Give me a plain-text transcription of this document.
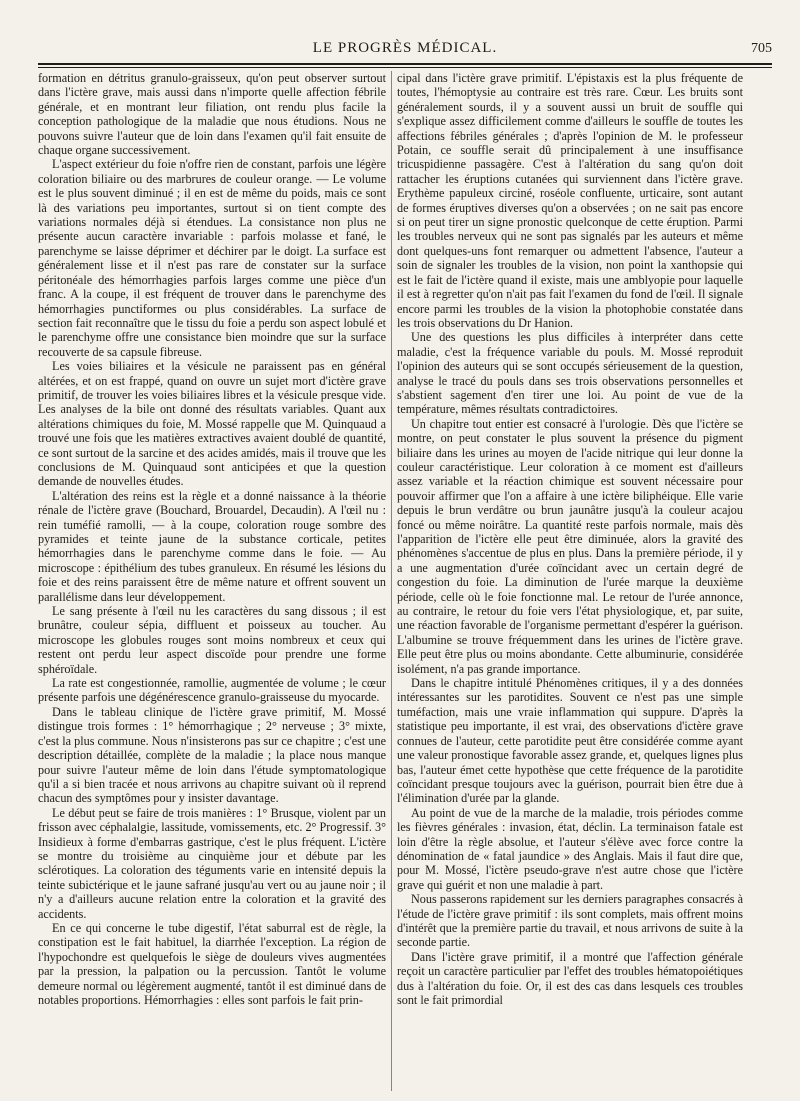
LE PROGRÈS MÉDICAL.	705

formation en détritus granulo-graisseux, qu'on peut observer surtout dans l'ictère grave, mais aussi dans n'importe quelle affection fébrile générale, et en montrant leur filiation, ont rendu plus facile la conception pathologique de la maladie que nous étudions. Nous ne pouvons suivre l'auteur que de loin dans l'examen qu'il fait ensuite de chaque organe successivement.

L'aspect extérieur du foie n'offre rien de constant, parfois une légère coloration biliaire ou des marbrures de couleur orange. — Le volume est le plus souvent diminué ; il en est de même du poids, mais ce sont là des variations peu importantes, surtout si on tient compte des variations normales déjà si étendues. La consistance non plus ne présente aucun caractère invariable : parfois molasse et fané, le parenchyme se laisse déprimer et déchirer par le doigt. La surface est généralement lisse et il n'est pas rare de constater sur la surface péritonéale des hémorrhagies parfois larges comme une pièce d'un franc. A la coupe, il est fréquent de trouver dans le parenchyme des hémorrhagies punctiformes ou plus considérables. La surface de section fait reconnaître que le tissu du foie a perdu son aspect lobulé et le parenchyme offre une consistance bien moindre que sur la surface recouverte de sa capsule fibreuse.

Les voies biliaires et la vésicule ne paraissent pas en général altérées, et on est frappé, quand on ouvre un sujet mort d'ictère grave primitif, de trouver les voies biliaires libres et la vésicule presque vide. Les analyses de la bile ont donné des résultats variables. Quant aux altérations chimiques du foie, M. Mossé rappelle que M. Quinquaud a trouvé une fois que les matières extractives avaient doublé de quantité, ce sont surtout de la sarcine et des acides amidés, mais il trouve que les conclusions de M. Quinquaud sont anticipées et que la question demande de nouvelles études.

L'altération des reins est la règle et a donné naissance à la théorie rénale de l'ictère grave (Bouchard, Brouardel, Decaudin). A l'œil nu : rein tuméfié ramolli, — à la coupe, coloration rouge sombre des pyramides et teinte jaune de la substance corticale, petites hémorrhagies dans le parenchyme comme dans le foie. — Au microscope : épithélium des tubes granuleux. En résumé les lésions du foie et des reins paraissent être de même nature et offrent souvent un parallélisme dans leur développement.

Le sang présente à l'œil nu les caractères du sang dissous ; il est brunâtre, couleur sépia, diffluent et poisseux au toucher. Au microscope les globules rouges sont moins nombreux et ceux qui restent ont perdu leur aspect discoïde pour prendre une forme sphéroïdale.

La rate est congestionnée, ramollie, augmentée de volume ; le cœur présente parfois une dégénérescence granulo-graisseuse du myocarde.

Dans le tableau clinique de l'ictère grave primitif, M. Mossé distingue trois formes : 1° hémorrhagique ; 2° nerveuse ; 3° mixte, c'est la plus commune. Nous n'insisterons pas sur ce chapitre ; c'est une description détaillée, complète de la maladie ; la place nous manque pour suivre l'auteur même de loin dans l'étude symptomatologique qu'il a si bien tracée et nous arrivons au chapitre suivant où il reprend chacun des symptômes pour y insister davantage.

Le début peut se faire de trois manières : 1° Brusque, violent par un frisson avec céphalalgie, lassitude, vomissements, etc. 2° Progressif. 3° Insidieux à forme d'embarras gastrique, c'est le plus fréquent. L'ictère se montre du troisième au cinquième jour et débute par les sclérotiques. La coloration des téguments varie en intensité depuis la teinte subictérique et le jaune safrané jusqu'au vert ou au jaune noir ; il n'y a d'ailleurs aucune relation entre la coloration et la gravité des accidents.

En ce qui concerne le tube digestif, l'état saburral est de règle, la constipation est le fait habituel, la diarrhée l'exception. La région de l'hypochondre est quelquefois le siège de douleurs vives augmentées par la pression, la palpation ou la percussion. Tantôt le volume demeure normal ou légèrement augmenté, tantôt il est diminué dans de notables proportions. Hémorrhagies : elles sont parfois le fait prin-

cipal dans l'ictère grave primitif. L'épistaxis est la plus fréquente de toutes, l'hémoptysie au contraire est très rare. Cœur. Les bruits sont généralement sourds, il y a souvent aussi un bruit de souffle qui s'explique assez difficilement comme d'ailleurs le souffle de toutes les affections fébriles générales ; d'après l'opinion de M. le professeur Potain, ce souffle serait dû principalement à une insuffisance tricuspidienne passagère. C'est à l'altération du sang qu'on doit rattacher les éruptions cutanées qui surviennent dans l'ictère grave. Erythème papuleux circiné, roséole confluente, urticaire, sont autant de formes éruptives diverses qu'on a observées ; on ne sait pas encore si on peut tirer un signe pronostic quelconque de cette éruption. Parmi les troubles nerveux qui ne sont pas signalés par les auteurs et même dont quelques-uns font remarquer ou admettent l'absence, l'auteur a soin de signaler les troubles de la vision, non point la xanthopsie qui est le fait de l'ictère quand il existe, mais une amblyopie pour laquelle il est à regretter qu'on n'ait pas fait l'examen du fond de l'œil. Il signale encore parmi les troubles de la vision la photophobie constatée dans les trois observations du Dr Hanion.

Une des questions les plus difficiles à interpréter dans cette maladie, c'est la fréquence variable du pouls. M. Mossé reproduit l'opinion des auteurs qui se sont occupés sérieusement de la question, analyse le tracé du pouls dans ses trois observations personnelles et s'abstient sagement d'en tirer une loi. Au point de vue de la température, mêmes résultats contradictoires.

Un chapitre tout entier est consacré à l'urologie. Dès que l'ictère se montre, on peut constater le plus souvent la présence du pigment biliaire dans les urines au moyen de l'acide nitrique qui leur donne la couleur caractéristique. Leur coloration à ce moment est d'ailleurs assez variable et la réaction chimique est souvent nécessaire pour pouvoir affirmer que l'on a affaire à une ictère biliphéique. Elle varie depuis le brun verdâtre ou brun jaunâtre jusqu'à la couleur acajou foncé ou même noirâtre. La quantité reste parfois normale, mais dès l'apparition de l'ictère elle peut être diminuée, alors la gravité des phénomènes s'accentue de plus en plus. Dans la première période, il y a une augmentation d'urée coïncidant avec un certain degré de congestion du foie. La diminution de l'urée marque la deuxième période, celle où le foie fonctionne mal. Le retour de l'urée annonce, au contraire, le retour du foie vers l'état physiologique, et, par suite, une réaction favorable de l'organisme permettant d'espérer la guérison. L'albumine se trouve fréquemment dans les urines de l'ictère grave. Elle peut être plus ou moins abondante. Cette albuminurie, considérée isolément, n'a pas grande importance.

Dans le chapitre intitulé Phénomènes critiques, il y a des données intéressantes sur les parotidites. Souvent ce n'est pas une simple tuméfaction, mais une vraie inflammation qui suppure. D'après la statistique peu importante, il est vrai, des observations d'ictère grave connues de l'auteur, cette parotidite peut être considérée comme ayant une valeur pronostique favorable assez grande, et, quelques lignes plus bas, l'auteur émet cette hypothèse que cette fréquence de la parotidite coïncidant presque toujours avec la guérison, pourrait bien être due à l'élimination d'urée par la glande.

Au point de vue de la marche de la maladie, trois périodes comme les fièvres générales : invasion, état, déclin. La terminaison fatale est loin d'être la règle absolue, et l'auteur s'élève avec force contre la dénomination de « fatal jaundice » des Anglais. Mais il faut dire que, pour M. Mossé, l'ictère pseudo-grave n'est autre chose que l'ictère grave qui guérit et non une maladie à part.

Nous passerons rapidement sur les derniers paragraphes consacrés à l'étude de l'ictère grave primitif : ils sont complets, mais offrent moins d'intérêt que la première partie du travail, et nous arrivons de suite à la seconde partie.

Dans l'ictère grave primitif, il a montré que l'affection générale reçoit un caractère particulier par l'effet des troubles hématopoiétiques dus à l'altération du foie. Or, il est des cas dans lesquels ces troubles sont le fait primordial
